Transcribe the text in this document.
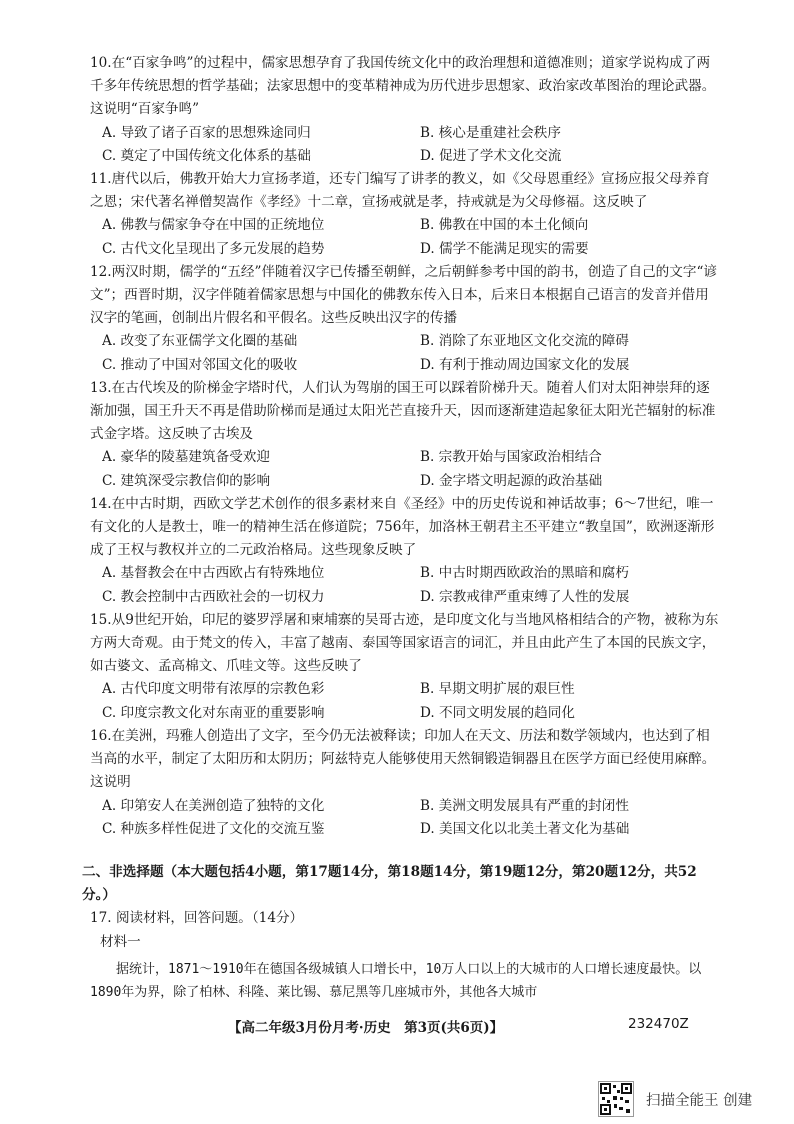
10.在“百家争鸣”的过程中，儒家思想孕育了我国传统文化中的政治理想和道德准则；道家学说构成了两千多年传统思想的哲学基础；法家思想中的变革精神成为历代进步思想家、政治家改革图治的理论武器。这说明“百家争鸣”

A. 导致了诸子百家的思想殊途同归	B. 核心是重建社会秩序
C. 奠定了中国传统文化体系的基础	D. 促进了学术文化交流

11.唐代以后，佛教开始大力宣扬孝道，还专门编写了讲孝的教义，如《父母恩重经》宣扬应报父母养育之恩；宋代著名禅僧契嵩作《孝经》十二章，宣扬戒就是孝，持戒就是为父母修福。这反映了

A. 佛教与儒家争夺在中国的正统地位	B. 佛教在中国的本土化倾向
C. 古代文化呈现出了多元发展的趋势	D. 儒学不能满足现实的需要

12.两汉时期，儒学的“五经”伴随着汉字已传播至朝鲜，之后朝鲜参考中国的韵书，创造了自己的文字“谚文”；西晋时期，汉字伴随着儒家思想与中国化的佛教东传入日本，后来日本根据自己语言的发音并借用汉字的笔画，创制出片假名和平假名。这些反映出汉字的传播

A. 改变了东亚儒学文化圈的基础	B. 消除了东亚地区文化交流的障碍
C. 推动了中国对邻国文化的吸收	D. 有利于推动周边国家文化的发展

13.在古代埃及的阶梯金字塔时代，人们认为驾崩的国王可以踩着阶梯升天。随着人们对太阳神崇拜的逐渐加强，国王升天不再是借助阶梯而是通过太阳光芒直接升天，因而逐渐建造起象征太阳光芒辐射的标准式金字塔。这反映了古埃及

A. 豪华的陵墓建筑备受欢迎	B. 宗教开始与国家政治相结合
C. 建筑深受宗教信仰的影响	D. 金字塔文明起源的政治基础

14.在中古时期，西欧文学艺术创作的很多素材来自《圣经》中的历史传说和神话故事；6～7世纪，唯一有文化的人是教士，唯一的精神生活在修道院；756年，加洛林王朝君主丕平建立“教皇国”，欧洲逐渐形成了王权与教权并立的二元政治格局。这些现象反映了

A. 基督教会在中古西欧占有特殊地位	B. 中古时期西欧政治的黑暗和腐朽
C. 教会控制中古西欧社会的一切权力	D. 宗教戒律严重束缚了人性的发展

15.从9世纪开始，印尼的婆罗浮屠和柬埔寨的吴哥古迹，是印度文化与当地风格相结合的产物，被称为东方两大奇观。由于梵文的传入，丰富了越南、泰国等国家语言的词汇，并且由此产生了本国的民族文字，如古婆文、孟高棉文、爪哇文等。这些反映了

A. 古代印度文明带有浓厚的宗教色彩	B. 早期文明扩展的艰巨性
C. 印度宗教文化对东南亚的重要影响	D. 不同文明发展的趋同化

16.在美洲，玛雅人创造出了文字，至今仍无法被释读；印加人在天文、历法和数学领域内，也达到了相当高的水平，制定了太阳历和太阴历；阿兹特克人能够使用天然铜锻造铜器且在医学方面已经使用麻醉。这说明

A. 印第安人在美洲创造了独特的文化	B. 美洲文明发展具有严重的封闭性
C. 种族多样性促进了文化的交流互鉴	D. 美国文化以北美土著文化为基础
二、非选择题（本大题包括4小题，第17题14分，第18题14分，第19题12分，第20题12分，共52分。）
17. 阅读材料，回答问题。（14分）
材料一

据统计，1871～1910年在德国各级城镇人口增长中，10万人口以上的大城市的人口增长速度最快。以1890年为界，除了柏林、科隆、莱比锡、慕尼黑等几座城市外，其他各大城市

【高二年级3月份月考·历史　第3页(共6页)】	232470Z
扫描全能王 创建
